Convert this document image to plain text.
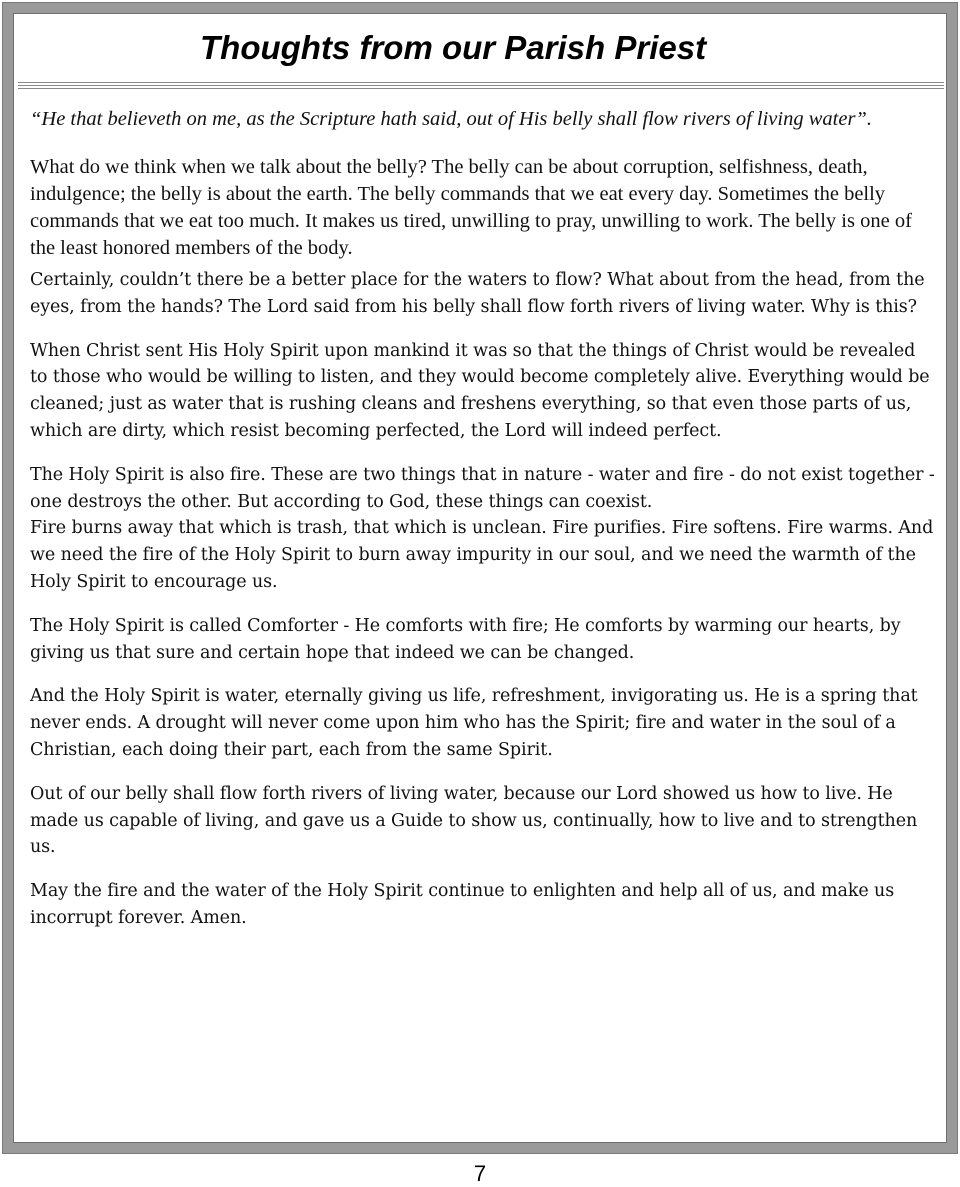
Thoughts from our Parish Priest

“He that believeth on me, as the Scripture hath said, out of His belly shall flow rivers of living water”.

What do we think when we talk about the belly? The belly can be about corruption, selfishness, death, indulgence; the belly is about the earth. The belly commands that we eat every day. Sometimes the belly commands that we eat too much. It makes us tired, unwilling to pray, unwilling to work. The belly is one of the least honored members of the body.

Certainly, couldn’t there be a better place for the waters to flow? What about from the head, from the eyes, from the hands? The Lord said from his belly shall flow forth rivers of living water. Why is this?

When Christ sent His Holy Spirit upon mankind it was so that the things of Christ would be revealed to those who would be willing to listen, and they would become completely alive. Everything would be cleaned; just as water that is rushing cleans and freshens everything, so that even those parts of us, which are dirty, which resist becoming perfected, the Lord will indeed perfect.

The Holy Spirit is also fire. These are two things that in nature - water and fire - do not exist together - one destroys the other. But according to God, these things can coexist.

Fire burns away that which is trash, that which is unclean. Fire purifies. Fire softens. Fire warms. And we need the fire of the Holy Spirit to burn away impurity in our soul, and we need the warmth of the Holy Spirit to encourage us.

The Holy Spirit is called Comforter - He comforts with fire; He comforts by warming our hearts, by giving us that sure and certain hope that indeed we can be changed.

And the Holy Spirit is water, eternally giving us life, refreshment, invigorating us. He is a spring that never ends. A drought will never come upon him who has the Spirit; fire and water in the soul of a Christian, each doing their part, each from the same Spirit.

Out of our belly shall flow forth rivers of living water, because our Lord showed us how to live. He made us capable of living, and gave us a Guide to show us, continually, how to live and to strengthen us.

May the fire and the water of the Holy Spirit continue to enlighten and help all of us, and make us incorrupt forever. Amen.

7
